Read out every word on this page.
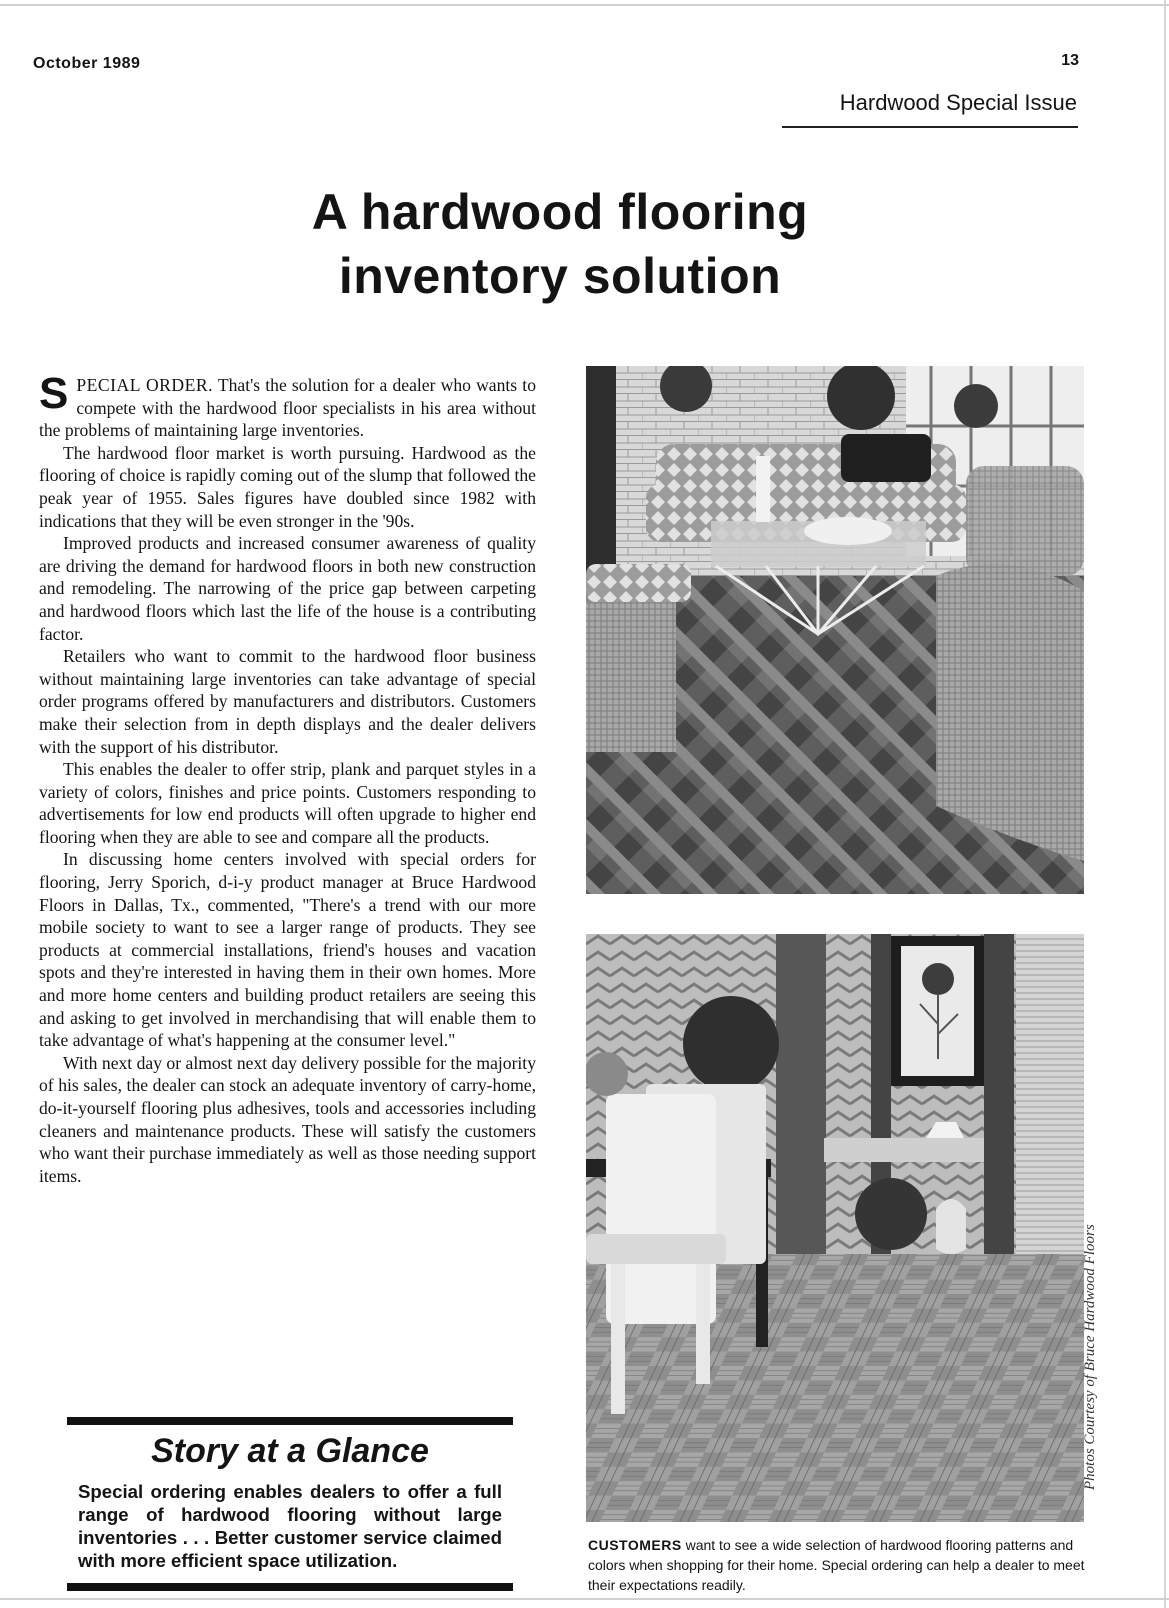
October 1989	13
Hardwood Special Issue
A hardwood flooring
inventory solution

SPECIAL ORDER. That's the solution for a dealer who wants to compete with the hardwood floor specialists in his area without the problems of maintaining large inventories.

The hardwood floor market is worth pursuing. Hardwood as the flooring of choice is rapidly coming out of the slump that followed the peak year of 1955. Sales figures have doubled since 1982 with indications that they will be even stronger in the '90s.

Improved products and increased consumer awareness of quality are driving the demand for hardwood floors in both new construction and remodeling. The narrowing of the price gap between carpeting and hardwood floors which last the life of the house is a contributing factor.

Retailers who want to commit to the hardwood floor business without maintaining large inventories can take advantage of special order programs offered by manufacturers and distributors. Customers make their selection from in depth displays and the dealer delivers with the support of his distributor.

This enables the dealer to offer strip, plank and parquet styles in a variety of colors, finishes and price points. Customers responding to advertisements for low end products will often upgrade to higher end flooring when they are able to see and compare all the products.

In discussing home centers involved with special orders for flooring, Jerry Sporich, d-i-y product manager at Bruce Hardwood Floors in Dallas, Tx., commented, "There's a trend with our more mobile society to want to see a larger range of products. They see products at commercial installations, friend's houses and vacation spots and they're interested in having them in their own homes. More and more home centers and building product retailers are seeing this and asking to get involved in merchandising that will enable them to take advantage of what's happening at the consumer level."

With next day or almost next day delivery possible for the majority of his sales, the dealer can stock an adequate inventory of carry-home, do-it-yourself flooring plus adhesives, tools and accessories including cleaners and maintenance products. These will satisfy the customers who want their purchase immediately as well as those needing support items.

Story at a Glance
Special ordering enables dealers to offer a full range of hardwood flooring without large inventories . . . Better customer service claimed with more efficient space utilization.
Photos Courtesy of Bruce Hardwood Floors
CUSTOMERS want to see a wide selection of hardwood flooring patterns and colors when shopping for their home. Special ordering can help a dealer to meet their expectations readily.
